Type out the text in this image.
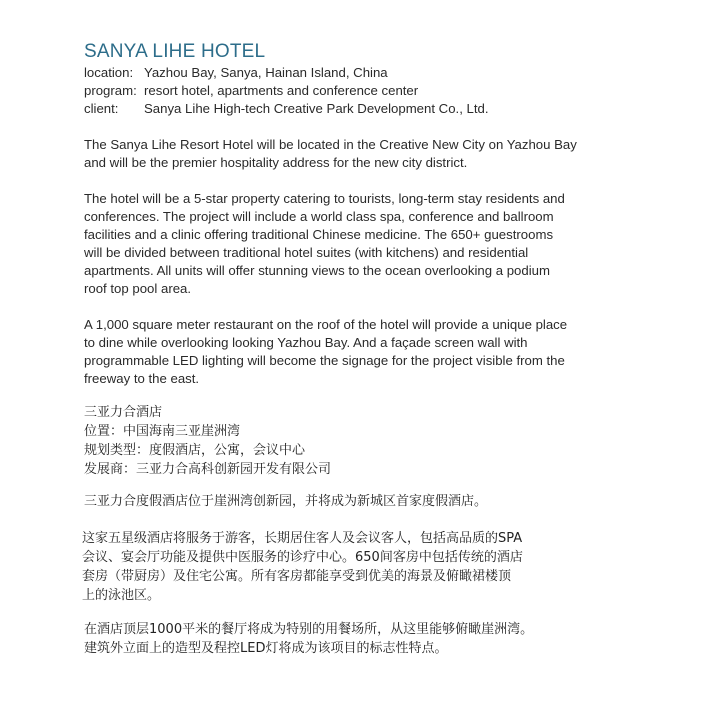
SANYA LIHE HOTEL
location: Yazhou Bay, Sanya, Hainan Island, China
program: resort hotel, apartments and conference center
client:	Sanya Lihe High-tech Creative Park Development Co., Ltd.

The Sanya Lihe Resort Hotel will be located in the Creative New City on Yazhou Bay
and will be the premier hospitality address for the new city district.

The hotel will be a 5-star property catering to tourists, long-term stay residents and
conferences. The project will include a world class spa, conference and ballroom
facilities and a clinic offering traditional Chinese medicine. The 650+ guestrooms
will be divided between traditional hotel suites (with kitchens) and residential
apartments. All units will offer stunning views to the ocean overlooking a podium
roof top pool area.

A 1,000 square meter restaurant on the roof of the hotel will provide a unique place
to dine while overlooking looking Yazhou Bay. And a façade screen wall with
programmable LED lighting will become the signage for the project visible from the
freeway to the east.

三亚力合酒店
位置：中国海南三亚崖洲湾
规划类型：度假酒店，公寓，会议中心
发展商：三亚力合高科创新园开发有限公司
三亚力合度假酒店位于崖洲湾创新园，并将成为新城区首家度假酒店。
这家五星级酒店将服务于游客，长期居住客人及会议客人，包括高品质的SPA
会议、宴会厅功能及提供中医服务的诊疗中心。650间客房中包括传统的酒店
套房（带厨房）及住宅公寓。所有客房都能享受到优美的海景及俯瞰裙楼顶
上的泳池区。
在酒店顶层1000平米的餐厅将成为特别的用餐场所，从这里能够俯瞰崖洲湾。
建筑外立面上的造型及程控LED灯将成为该项目的标志性特点。
